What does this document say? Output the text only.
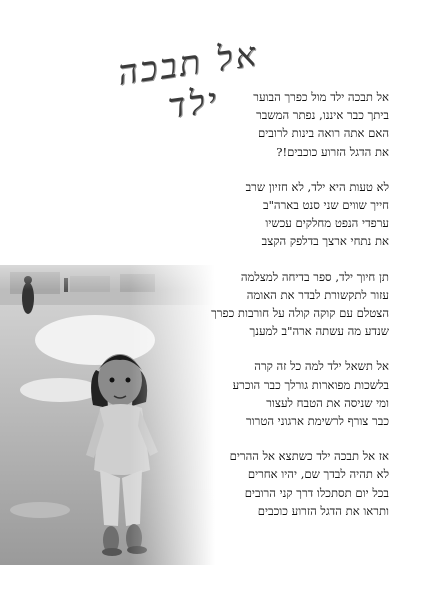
אל תבכה ילד	אל תבכה ילד מול כפרך הבוער
ביתך כבר איננו, נפתר המשבר
האם אתה רואה בינות לרובים
את הדגל הזרוע כוכבים!?
לא טעות היא ילד, לא חזיון שרב
חייך שווים שני סנט בארה"ב
ערפדי הנפט מחלקים עכשיו
את נתחי ארצך בדלפק הקצב
תן חיוך ילד, ספר בדיחה למצלמה
עזור לתקשורת לבדר את האומה
הצטלם עם קוקה קולה על חורבות כפרך
שנדע מה עשתה ארה"ב למענך
אל תשאל ילד למה כל זה קרה
בלשכות מפוארות גורלך כבר הוכרע
ומי שניסה את הטבח לעצור
כבר צורף לרשימת ארגוני הטרור
אז אל תבכה ילד כשתצא אל ההרים
לא תהיה לבדך שם, יהיו אחרים
בכל יום תסתכלו דרך קני הרובים
ותראו את הדגל הזרוע כוכבים
